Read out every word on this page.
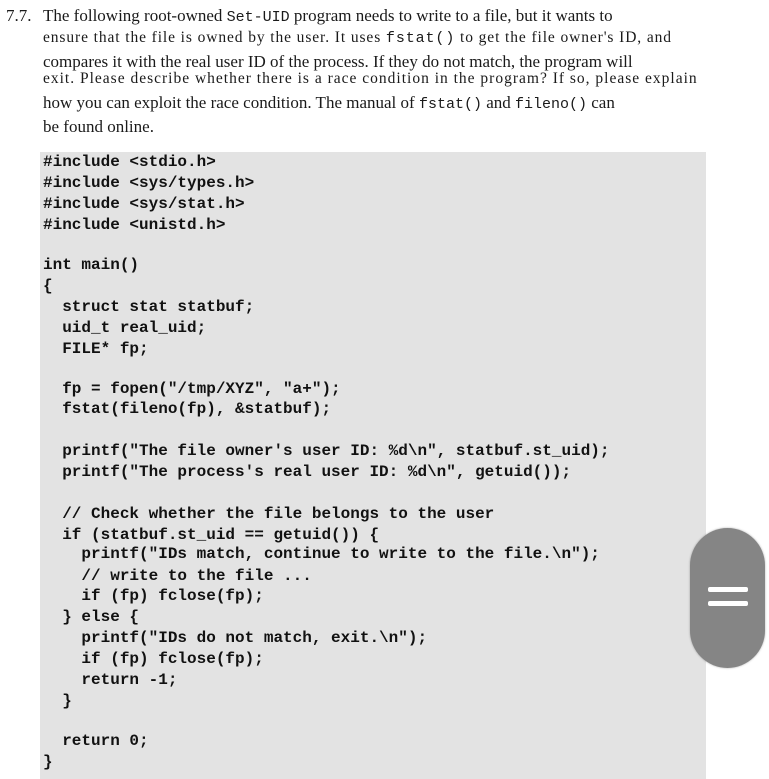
7.7. The following root-owned Set-UID program needs to write to a file, but it wants to
ensure that the file is owned by the user. It uses fstat() to get the file owner's ID, and
compares it with the real user ID of the process. If they do not match, the program will
exit. Please describe whether there is a race condition in the program? If so, please explain
how you can exploit the race condition. The manual of fstat() and fileno() can
be found online.
#include <stdio.h>
#include <sys/types.h>
#include <sys/stat.h>
#include <unistd.h>
int main()
{
struct stat statbuf;
uid_t real_uid;
FILE* fp;
fp = fopen("/tmp/XYZ", "a+");
fstat(fileno(fp), &statbuf);
printf("The file owner's user ID: %d\n", statbuf.st_uid);
printf("The process's real user ID: %d\n", getuid());
// Check whether the file belongs to the user
if (statbuf.st_uid == getuid()) {
printf("IDs match, continue to write to the file.\n");
// write to the file ...
if (fp) fclose(fp);
} else {
printf("IDs do not match, exit.\n");
if (fp) fclose(fp);
return -1;
}
return 0;
}
